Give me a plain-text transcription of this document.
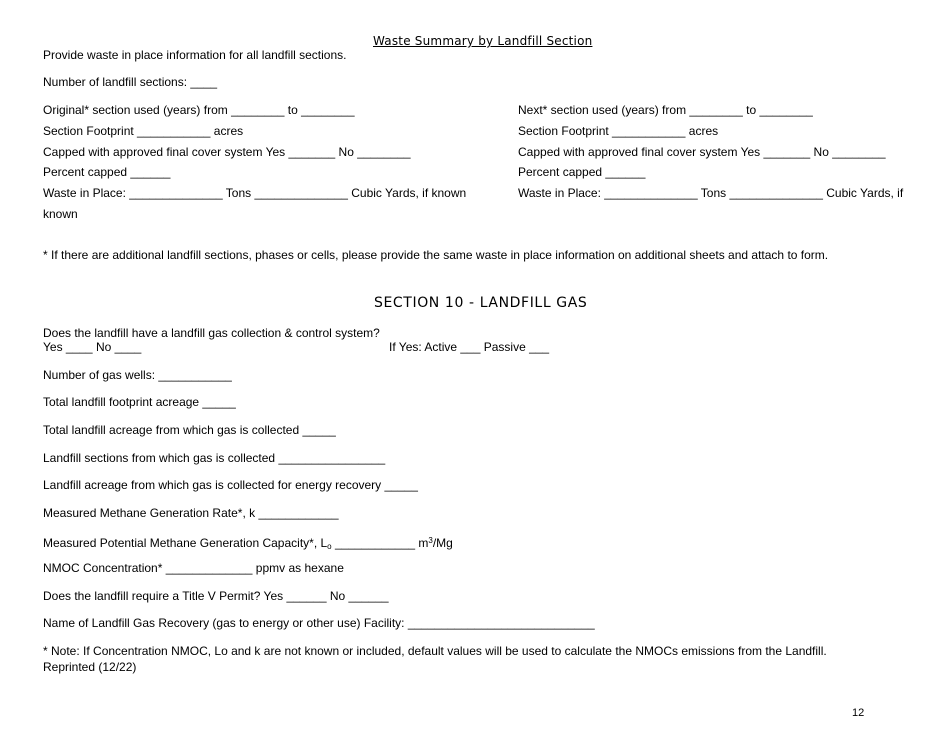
Waste Summary by Landfill Section
Provide waste in place information for all landfill sections.
Number of landfill sections: ____
Original* section used (years) from ________ to ________
Section Footprint ___________ acres
Capped with approved final cover system Yes _______ No ________
Percent capped ______
Waste in Place: ______________ Tons ______________ Cubic Yards, if known
known
Next* section used (years) from ________ to ________
Section Footprint ___________ acres
Capped with approved final cover system Yes _______ No ________
Percent capped ______
Waste in Place: ______________ Tons ______________ Cubic Yards, if
* If there are additional landfill sections, phases or cells, please provide the same waste in place information on additional sheets and attach to form.
SECTION 10 - LANDFILL GAS
Does the landfill have a landfill gas collection & control system?
Yes ____ No ____	If Yes: Active ___ Passive ___
Number of gas wells: ___________
Total landfill footprint acreage _____
Total landfill acreage from which gas is collected _____
Landfill sections from which gas is collected ________________
Landfill acreage from which gas is collected for energy recovery _____
Measured Methane Generation Rate*, k ____________
Measured Potential Methane Generation Capacity*, $L_o$ ____________ $m^3/Mg$
NMOC Concentration* _____________ ppmv as hexane
Does the landfill require a Title V Permit? Yes ______ No ______
Name of Landfill Gas Recovery (gas to energy or other use) Facility: ____________________________
* Note: If Concentration NMOC, Lo and k are not known or included, default values will be used to calculate the NMOCs emissions from the Landfill.
Reprinted (12/22)
12
